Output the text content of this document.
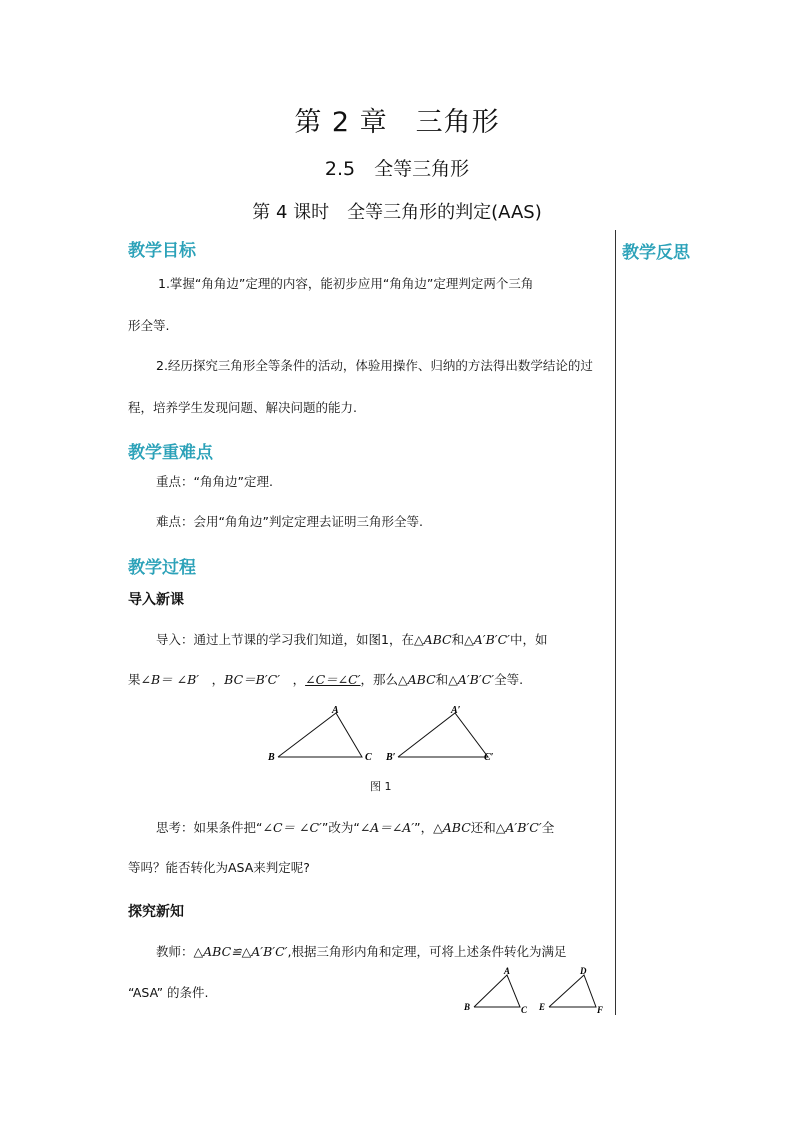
第 2 章　三角形
2.5　全等三角形
第 4 课时　全等三角形的判定(AAS)
教学反思
教学目标
1.掌握“角角边”定理的内容，能初步应用“角角边”定理判定两个三角
形全等.
2.经历探究三角形全等条件的活动，体验用操作、归纳的方法得出数学结论的过
程，培养学生发现问题、解决问题的能力.
教学重难点
重点：“角角边”定理.
难点：会用“角角边”判定定理去证明三角形全等.
教学过程
导入新课
导入：通过上节课的学习我们知道，如图1，在△ABC和△A′B′C′中，如
果∠B＝ ∠B′　，BC＝B′C′　，∠C＝∠C′，那么△ABC和△A′B′C′全等.
A
B	C
A′
B′	C′
图 1
思考：如果条件把“∠C＝ ∠C′”改为“∠A＝∠A′”，△ABC还和△A′B′C′全
等吗？能否转化为ASA来判定呢?
探究新知
教师：△ABC≌△A′B′C′,根据三角形内角和定理，可将上述条件转化为满足
“ASA” 的条件.
A
B	C
D
E	F
